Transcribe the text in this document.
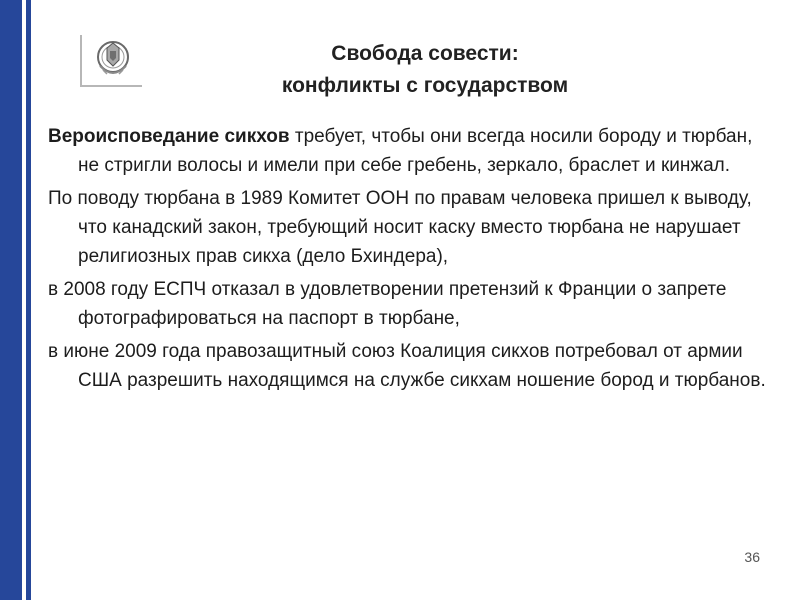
Свобода совести:
конфликты с государством

Вероисповедание сикхов требует, чтобы они всегда носили бороду и тюрбан, не стригли волосы и имели при себе гребень, зеркало, браслет и кинжал.

По поводу тюрбана в 1989 Комитет ООН по правам человека пришел к выводу, что канадский закон, требующий носит каску вместо тюрбана не нарушает религиозных прав сикха (дело Бхиндера),

в 2008 году ЕСПЧ отказал в удовлетворении претензий к Франции о запрете фотографироваться на паспорт в тюрбане,

в июне 2009 года правозащитный союз Коалиция сикхов потребовал от армии США разрешить находящимся на службе сикхам ношение бород и тюрбанов.

36
